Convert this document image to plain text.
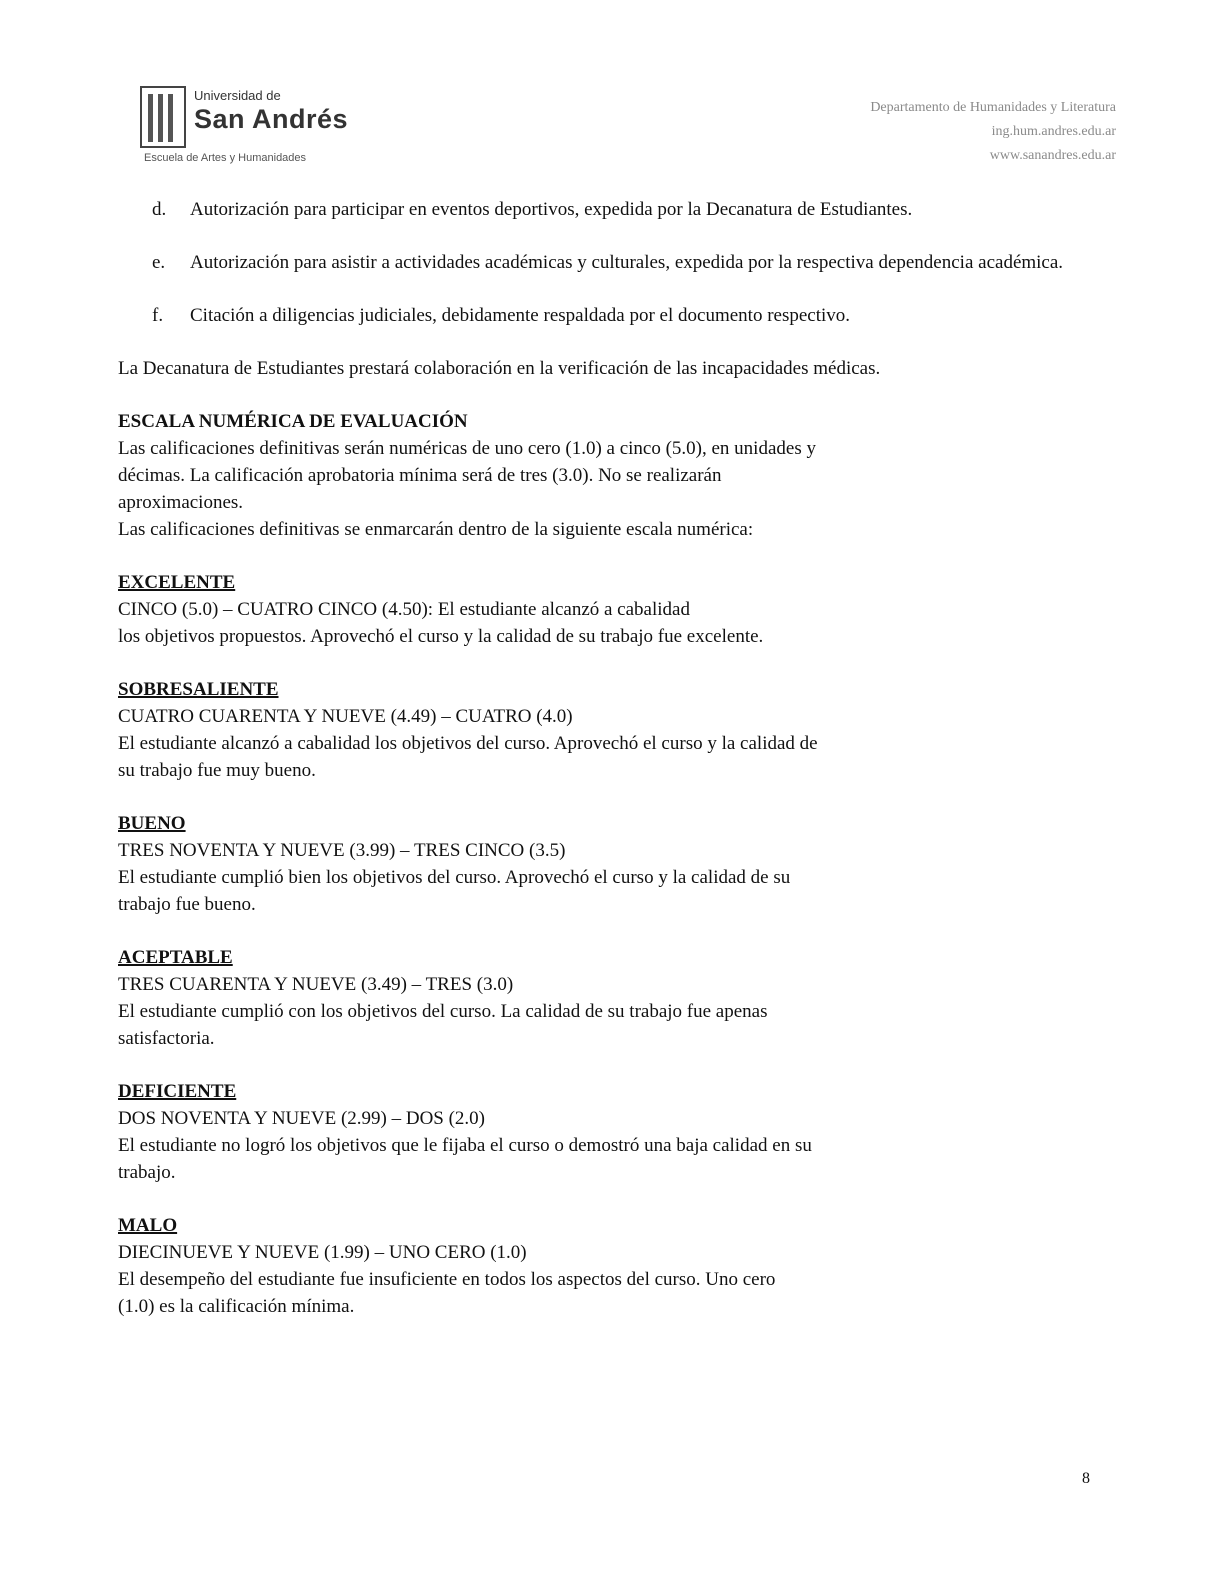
Universidad de
San Andrés
Escuela de Artes y Humanidades
Departamento de Humanidades y Literatura
ing.hum.andres.edu.ar
www.sanandres.edu.ar
d. Autorización para participar en eventos deportivos, expedida por la Decanatura de Estudiantes.
e. Autorización para asistir a actividades académicas y culturales, expedida por la respectiva dependencia académica.
f. Citación a diligencias judiciales, debidamente respaldada por el documento respectivo.

La Decanatura de Estudiantes prestará colaboración en la verificación de las incapacidades médicas.

ESCALA NUMÉRICA DE EVALUACIÓN

Las calificaciones definitivas serán numéricas de uno cero (1.0) a cinco (5.0), en unidades y
décimas. La calificación aprobatoria mínima será de tres (3.0). No se realizarán
aproximaciones.
Las calificaciones definitivas se enmarcarán dentro de la siguiente escala numérica:
EXCELENTE
CINCO (5.0) – CUATRO CINCO (4.50): El estudiante alcanzó a cabalidad
los objetivos propuestos. Aprovechó el curso y la calidad de su trabajo fue excelente.
SOBRESALIENTE
CUATRO CUARENTA Y NUEVE (4.49) – CUATRO (4.0)
El estudiante alcanzó a cabalidad los objetivos del curso. Aprovechó el curso y la calidad de
su trabajo fue muy bueno.
BUENO
TRES NOVENTA Y NUEVE (3.99) – TRES CINCO (3.5)
El estudiante cumplió bien los objetivos del curso. Aprovechó el curso y la calidad de su
trabajo fue bueno.
ACEPTABLE
TRES CUARENTA Y NUEVE (3.49) – TRES (3.0)
El estudiante cumplió con los objetivos del curso. La calidad de su trabajo fue apenas
satisfactoria.
DEFICIENTE
DOS NOVENTA Y NUEVE (2.99) – DOS (2.0)
El estudiante no logró los objetivos que le fijaba el curso o demostró una baja calidad en su
trabajo.
MALO
DIECINUEVE Y NUEVE (1.99) – UNO CERO (1.0)
El desempeño del estudiante fue insuficiente en todos los aspectos del curso. Uno cero
(1.0) es la calificación mínima.
8
